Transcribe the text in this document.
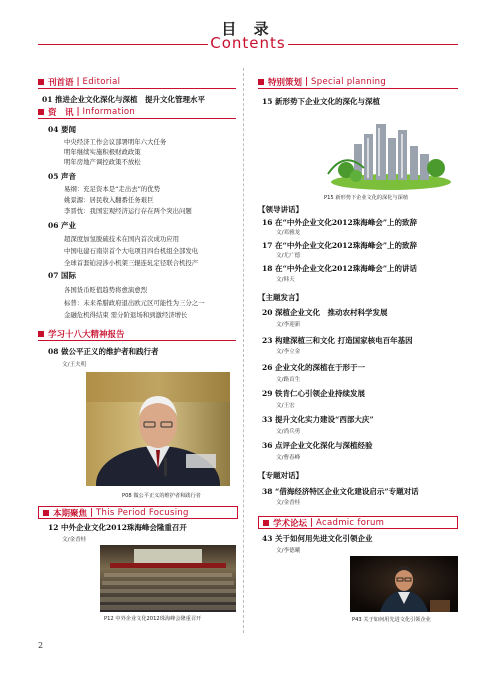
目 录
Contents
刊首语 | Editorial
01 推进企业文化深化与深植　提升文化管理水平
资　讯 | Information
04 要闻
中央经济工作会议部署明年六大任务
明年继续实施积极财政政策
明年房地产调控政策不放松
05 声音
易纲：充足资本是“走出去”的优势
姚景源：居民收入翻番任务艰巨
李晋忱：我国宏观经济运行存在两个突出问题
06 产业
超深度加氢脱硫技术在国内首次成功应用
中国电建石南崇首个大电项目四台机组全部发电
全球首套铂浸涉小机架三辊连轧定径联合机投产
07 国际
各国货币贬值趋势将愈演愈烈
标普：未来希腊政府退出欧元区可能性为三分之一
金融危机得结束 需分阶退场和到激经济增长
学习十八大精神报告
08 做公平正义的维护者和践行者
文/王夫明
P08 做公平正义的维护者和践行者
本期聚焦 | This Period Focusing
12 中外企业文化2012珠海峰会隆重召开
文/金香桂
P12 中外企业文化2012珠海峰会隆重召开
特别策划 | Special planning
15 新形势下企业文化的深化与深植
P15 新形势下企业文化的深化与深植
【领导讲话】
16 在“中外企业文化2012珠海峰会”上的致辞
文/邓雅龙
17 在“中外企业文化2012珠海峰会”上的致辞
文/尤广德
18 在“中外企业文化2012珠海峰会”上的讲话
文/韩天
【主题发言】
20 深植企业文化　推动农村科学发展
文/李迎新
23 构建深植三和文化 打造国家核电百年基因
文/李立金
26 企业文化的深植在于形于一
文/路首生
29 铁肯仁心引领企业持续发展
文/王宏
33 提升文化实力建设“西部大庆”
文/尚兵勇
36 点评企业文化深化与深植经验
文/曹春峰
【专题对话】
38 “借海经济特区企业文化建设启示”专题对话
文/金香桂
学术论坛 | Acadmic forum
43 关于如何用先进文化引领企业
文/李德曦
P43 关于如何用先进文化引领企业
2
